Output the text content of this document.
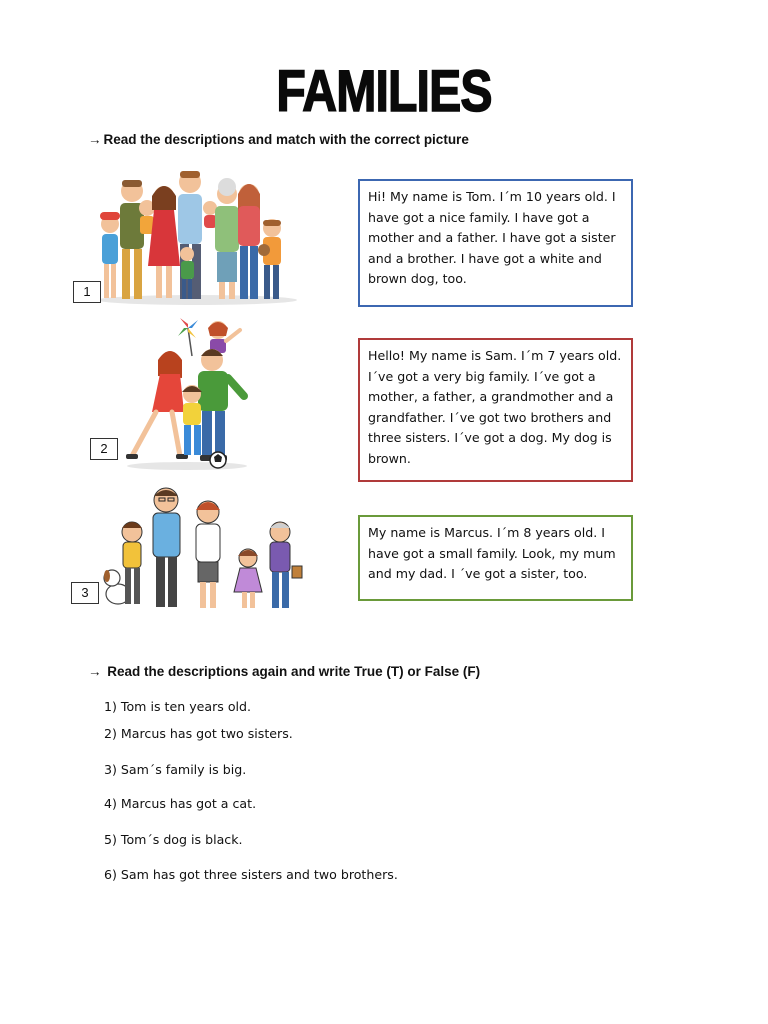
FAMILIES
→ Read the descriptions and match with the correct picture
1
2
3
Hi! My name is Tom. I´m 10 years old. I have got a nice family. I have got a mother and a father. I have got a sister and a brother. I have got a white and brown dog, too.
Hello! My name is Sam. I´m 7 years old. I´ve got a very big family. I´ve got a mother, a father, a grandmother and a grandfather. I´ve got two brothers and three sisters. I´ve got a dog. My dog is brown.
My name is Marcus. I´m 8 years old. I have got a small family. Look, my mum and my dad. I ´ve got a sister, too.
→ Read the descriptions again and write True (T) or False (F)
1) Tom is ten years old.
2) Marcus has got two sisters.
3) Sam´s family is big.
4) Marcus has got a cat.
5) Tom´s dog is black.
6) Sam has got three sisters and two brothers.
